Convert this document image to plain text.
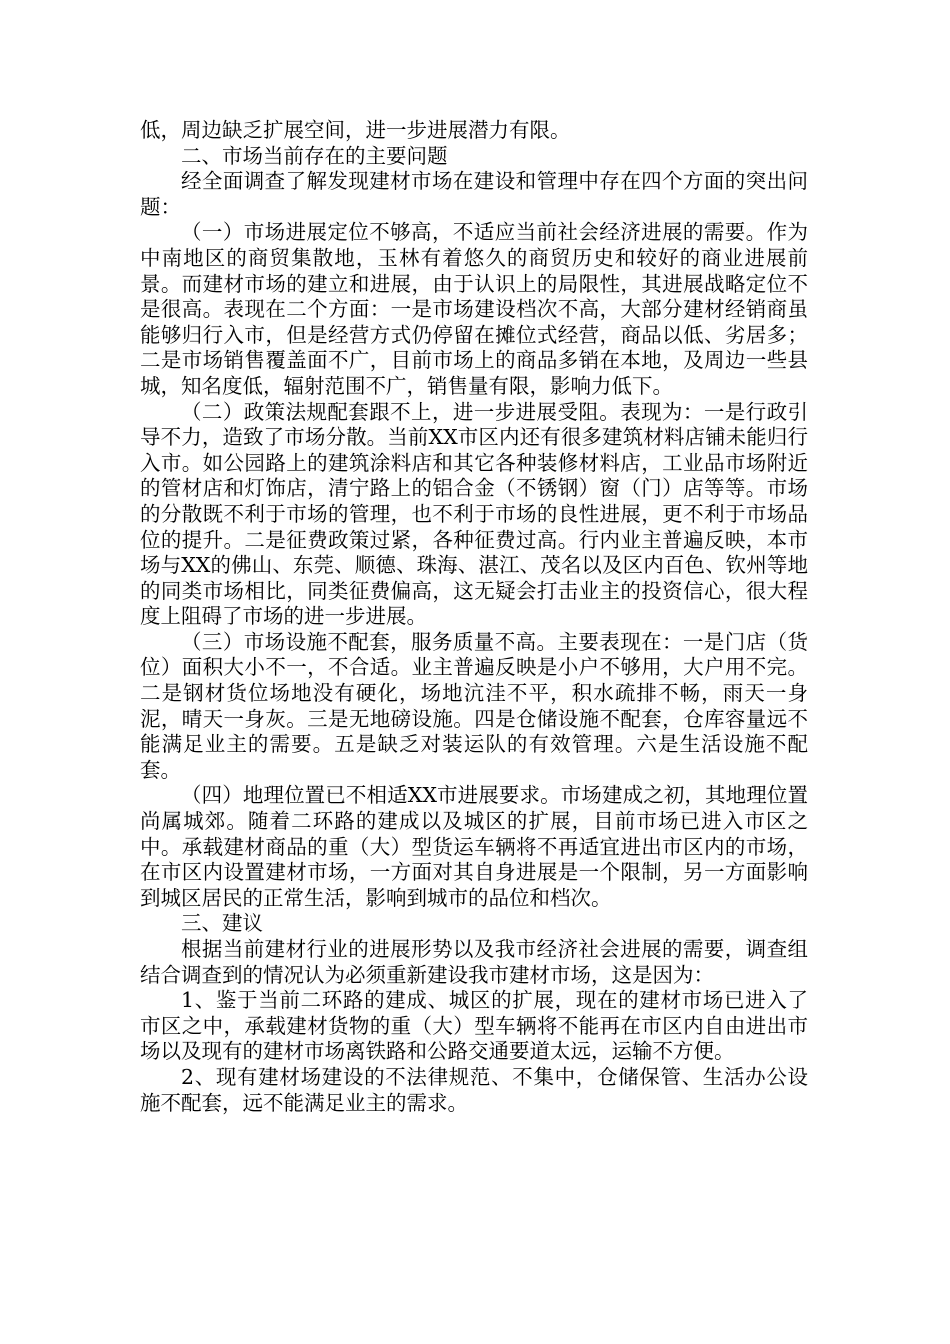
低，周边缺乏扩展空间，进一步进展潜力有限。

二、市场当前存在的主要问题

经全面调查了解发现建材市场在建设和管理中存在四个方面的突出问题：

（一）市场进展定位不够高，不适应当前社会经济进展的需要。作为中南地区的商贸集散地，玉林有着悠久的商贸历史和较好的商业进展前景。而建材市场的建立和进展，由于认识上的局限性，其进展战略定位不是很高。表现在二个方面：一是市场建设档次不高，大部分建材经销商虽能够归行入市，但是经营方式仍停留在摊位式经营，商品以低、劣居多；二是市场销售覆盖面不广，目前市场上的商品多销在本地，及周边一些县城，知名度低，辐射范围不广，销售量有限，影响力低下。

（二）政策法规配套跟不上，进一步进展受阻。表现为：一是行政引导不力，造致了市场分散。当前XX市区内还有很多建筑材料店铺未能归行入市。如公园路上的建筑涂料店和其它各种装修材料店，工业品市场附近的管材店和灯饰店，清宁路上的铝合金（不锈钢）窗（门）店等等。市场的分散既不利于市场的管理，也不利于市场的良性进展，更不利于市场品位的提升。二是征费政策过紧，各种征费过高。行内业主普遍反映，本市场与XX的佛山、东莞、顺德、珠海、湛江、茂名以及区内百色、钦州等地的同类市场相比，同类征费偏高，这无疑会打击业主的投资信心，很大程度上阻碍了市场的进一步进展。

（三）市场设施不配套，服务质量不高。主要表现在：一是门店（货位）面积大小不一，不合适。业主普遍反映是小户不够用，大户用不完。二是钢材货位场地没有硬化，场地沆洼不平，积水疏排不畅，雨天一身泥，晴天一身灰。三是无地磅设施。四是仓储设施不配套，仓库容量远不能满足业主的需要。五是缺乏对装运队的有效管理。六是生活设施不配套。

（四）地理位置已不相适XX市进展要求。市场建成之初，其地理位置尚属城郊。随着二环路的建成以及城区的扩展，目前市场已进入市区之中。承载建材商品的重（大）型货运车辆将不再适宜进出市区内的市场，在市区内设置建材市场，一方面对其自身进展是一个限制，另一方面影响到城区居民的正常生活，影响到城市的品位和档次。

三、建议

根据当前建材行业的进展形势以及我市经济社会进展的需要，调查组结合调查到的情况认为必须重新建设我市建材市场，这是因为：

1、鉴于当前二环路的建成、城区的扩展，现在的建材市场已进入了市区之中，承载建材货物的重（大）型车辆将不能再在市区内自由进出市场以及现有的建材市场离铁路和公路交通要道太远，运输不方便。

2、现有建材场建设的不法律规范、不集中，仓储保管、生活办公设施不配套，远不能满足业主的需求。
